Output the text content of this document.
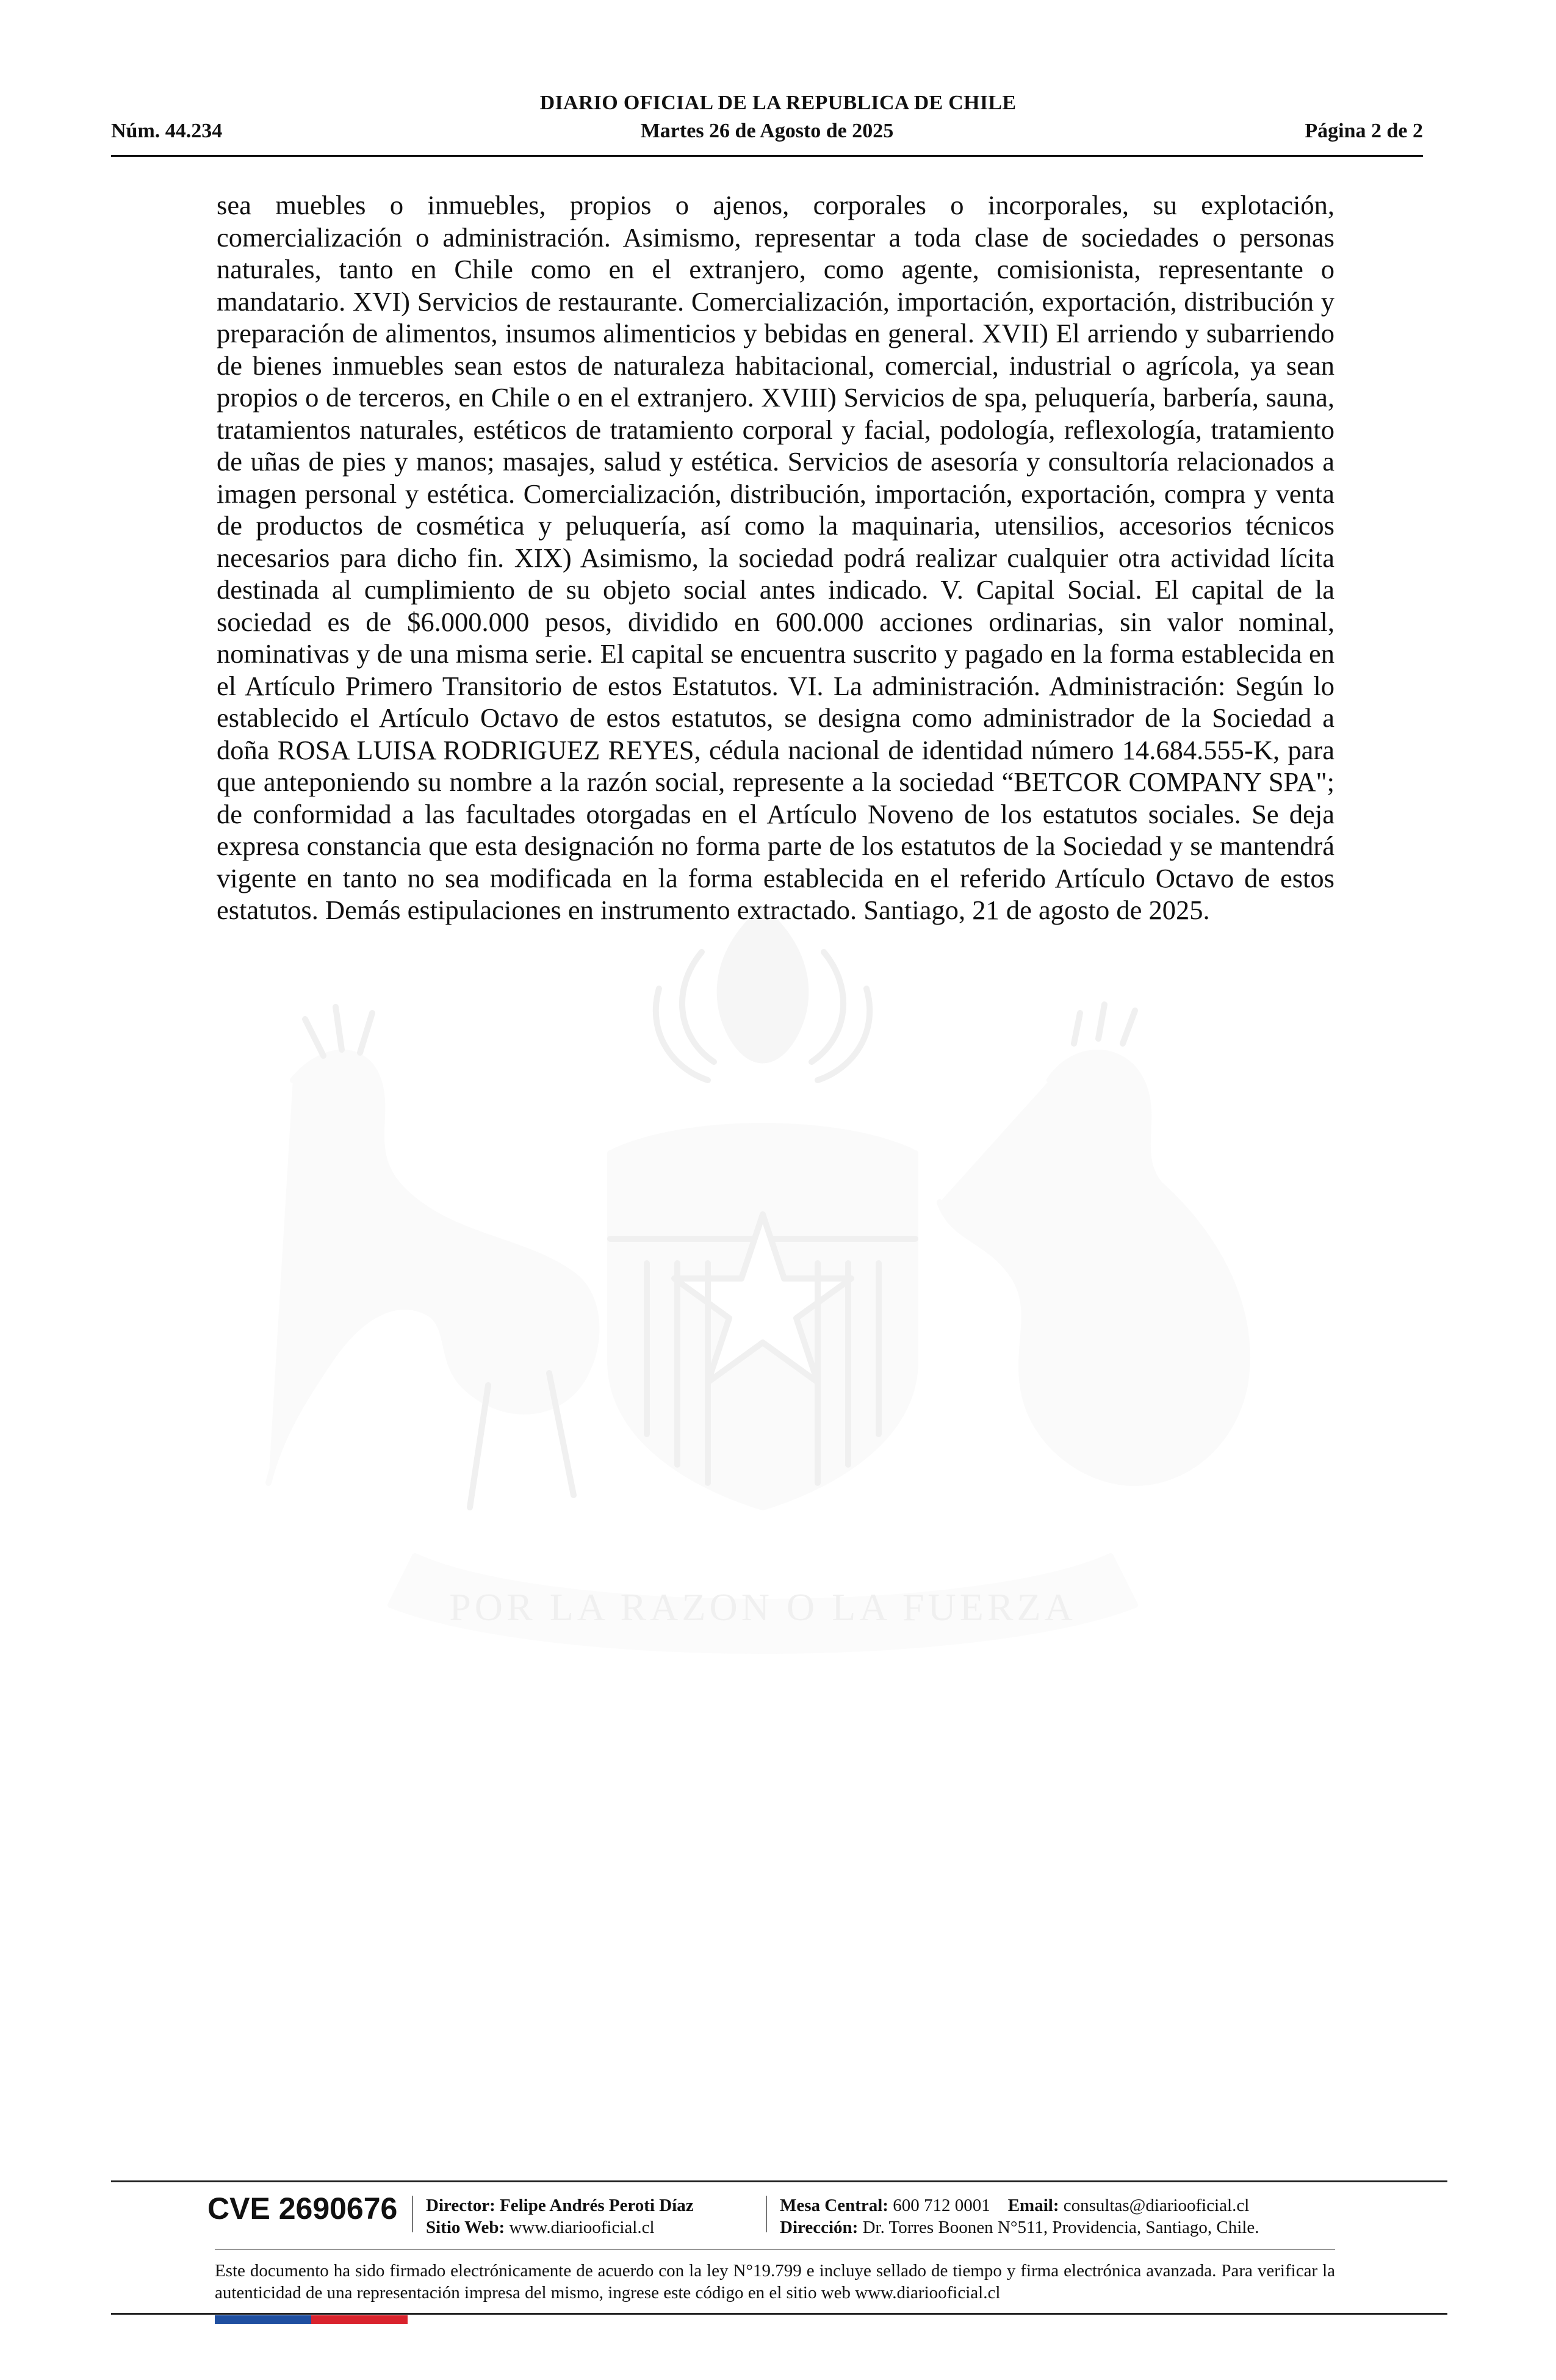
DIARIO OFICIAL DE LA REPUBLICA DE CHILE
Núm. 44.234	Martes 26 de Agosto de 2025	Página 2 de 2
POR LA RAZON O LA FUERZA
sea muebles o inmuebles, propios o ajenos, corporales o incorporales, su explotación, comercialización o administración. Asimismo, representar a toda clase de sociedades o personas naturales, tanto en Chile como en el extranjero, como agente, comisionista, representante o mandatario. XVI) Servicios de restaurante. Comercialización, importación, exportación, distribución y preparación de alimentos, insumos alimenticios y bebidas en general. XVII) El arriendo y subarriendo de bienes inmuebles sean estos de naturaleza habitacional, comercial, industrial o agrícola, ya sean propios o de terceros, en Chile o en el extranjero. XVIII) Servicios de spa, peluquería, barbería, sauna, tratamientos naturales, estéticos de tratamiento corporal y facial, podología, reflexología, tratamiento de uñas de pies y manos; masajes, salud y estética. Servicios de asesoría y consultoría relacionados a imagen personal y estética. Comercialización, distribución, importación, exportación, compra y venta de productos de cosmética y peluquería, así como la maquinaria, utensilios, accesorios técnicos necesarios para dicho fin. XIX) Asimismo, la sociedad podrá realizar cualquier otra actividad lícita destinada al cumplimiento de su objeto social antes indicado. V. Capital Social. El capital de la sociedad es de $6.000.000 pesos, dividido en 600.000 acciones ordinarias, sin valor nominal, nominativas y de una misma serie. El capital se encuentra suscrito y pagado en la forma establecida en el Artículo Primero Transitorio de estos Estatutos. VI. La administración. Administración: Según lo establecido el Artículo Octavo de estos estatutos, se designa como administrador de la Sociedad a doña ROSA LUISA RODRIGUEZ REYES, cédula nacional de identidad número 14.684.555-K, para que anteponiendo su nombre a la razón social, represente a la sociedad “BETCOR COMPANY SPA"; de conformidad a las facultades otorgadas en el Artículo Noveno de los estatutos sociales. Se deja expresa constancia que esta designación no forma parte de los estatutos de la Sociedad y se mantendrá vigente en tanto no sea modificada en la forma establecida en el referido Artículo Octavo de estos estatutos. Demás estipulaciones en instrumento extractado. Santiago, 21 de agosto de 2025.
CVE 2690676 Director: Felipe Andrés Peroti Díaz
Sitio Web: www.diariooficial.cl
Mesa Central: 600 712 0001 Email: consultas@diariooficial.cl
Dirección: Dr. Torres Boonen N°511, Providencia, Santiago, Chile.
Este documento ha sido firmado electrónicamente de acuerdo con la ley N°19.799 e incluye sellado de tiempo y firma electrónica avanzada. Para verificar la autenticidad de una representación impresa del mismo, ingrese este código en el sitio web www.diariooficial.cl
